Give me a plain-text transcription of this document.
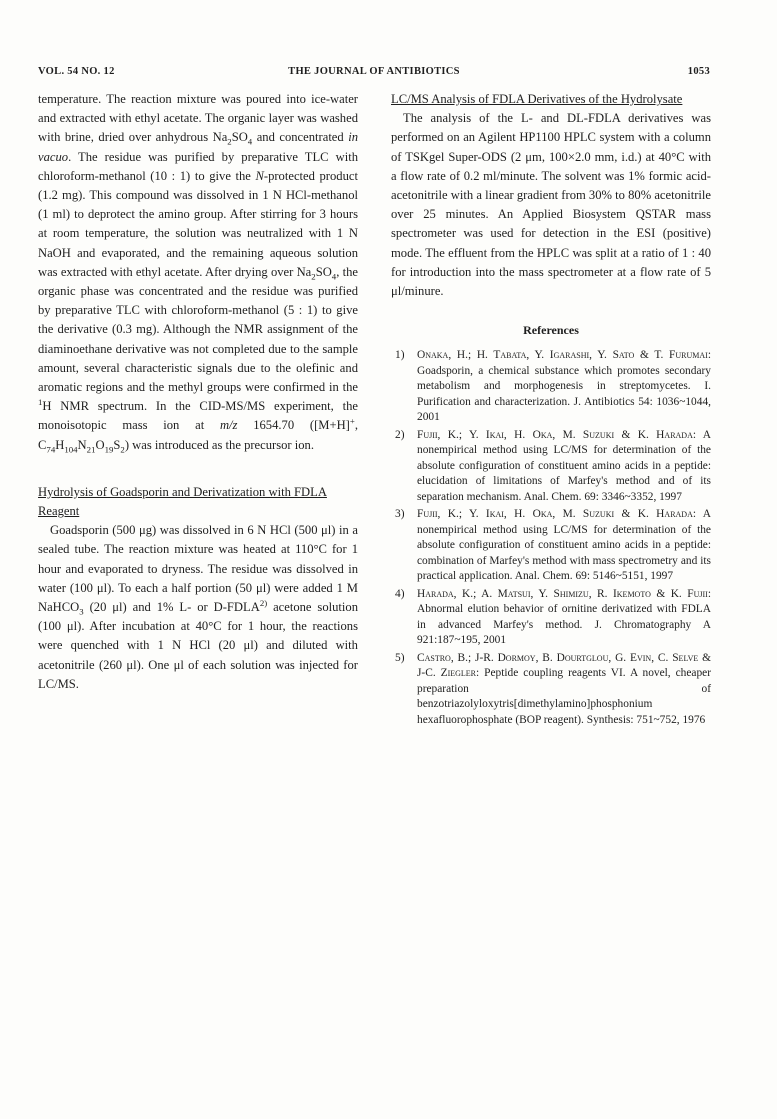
VOL. 54 NO. 12	THE JOURNAL OF ANTIBIOTICS	1053

temperature. The reaction mixture was poured into ice-water and extracted with ethyl acetate. The organic layer was washed with brine, dried over anhydrous $Na_2SO_4$ and concentrated in vacuo. The residue was purified by preparative TLC with chloroform-methanol (10 : 1) to give the N-protected product (1.2 mg). This compound was dissolved in 1 N HCl-methanol (1 ml) to deprotect the amino group. After stirring for 3 hours at room temperature, the solution was neutralized with 1 N NaOH and evaporated, and the remaining aqueous solution was extracted with ethyl acetate. After drying over $Na_2SO_4$, the organic phase was concentrated and the residue was purified by preparative TLC with chloroform-methanol (5 : 1) to give the derivative (0.3 mg). Although the NMR assignment of the diaminoethane derivative was not completed due to the sample amount, several characteristic signals due to the olefinic and aromatic regions and the methyl groups were confirmed in the $^1$H NMR spectrum. In the CID-MS/MS experiment, the monoisotopic mass ion at m/z 1654.70 ([M+H]+, $C_{74}H_{104}N_{21}O_{19}S_2$) was introduced as the precursor ion.

Hydrolysis of Goadsporin and Derivatization with FDLA Reagent

Goadsporin (500 μg) was dissolved in 6 N HCl (500 μl) in a sealed tube. The reaction mixture was heated at 110°C for 1 hour and evaporated to dryness. The residue was dissolved in water (100 μl). To each a half portion (50 μl) were added 1 M NaHCO$_3$ (20 μl) and 1% L- or D-FDLA$^{2)}$ acetone solution (100 μl). After incubation at 40°C for 1 hour, the reactions were quenched with 1 N HCl (20 μl) and diluted with acetonitrile (260 μl). One μl of each solution was injected for LC/MS.

LC/MS Analysis of FDLA Derivatives of the Hydrolysate

The analysis of the L- and DL-FDLA derivatives was performed on an Agilent HP1100 HPLC system with a column of TSKgel Super-ODS (2 μm, 100×2.0 mm, i.d.) at 40°C with a flow rate of 0.2 ml/minute. The solvent was 1% formic acid-acetonitrile with a linear gradient from 30% to 80% acetonitrile over 25 minutes. An Applied Biosystem QSTAR mass spectrometer was used for detection in the ESI (positive) mode. The effluent from the HPLC was split at a ratio of 1 : 40 for introduction into the mass spectrometer at a flow rate of 5 μl/minure.

References
1) Onaka, H.; H. Tabata, Y. Igarashi, Y. Sato & T. Furumai: Goadsporin, a chemical substance which promotes secondary metabolism and morphogenesis in streptomycetes. I. Purification and characterization. J. Antibiotics 54: 1036~1044, 2001
2) Fujii, K.; Y. Ikai, H. Oka, M. Suzuki & K. Harada: A nonempirical method using LC/MS for determination of the absolute configuration of constituent amino acids in a peptide: elucidation of limitations of Marfey's method and of its separation mechanism. Anal. Chem. 69: 3346~3352, 1997
3) Fujii, K.; Y. Ikai, H. Oka, M. Suzuki & K. Harada: A nonempirical method using LC/MS for determination of the absolute configuration of constituent amino acids in a peptide: combination of Marfey's method with mass spectrometry and its practical application. Anal. Chem. 69: 5146~5151, 1997
4) Harada, K.; A. Matsui, Y. Shimizu, R. Ikemoto & K. Fujii: Abnormal elution behavior of ornitine derivatized with FDLA in advanced Marfey's method. J. Chromatography A 921:187~195, 2001
5) Castro, B.; J-R. Dormoy, B. Dourtglou, G. Evin, C. Selve & J-C. Ziegler: Peptide coupling reagents VI. A novel, cheaper preparation of benzotriazolyloxytris[dimethylamino]phosphonium hexafluorophosphate (BOP reagent). Synthesis: 751~752, 1976
